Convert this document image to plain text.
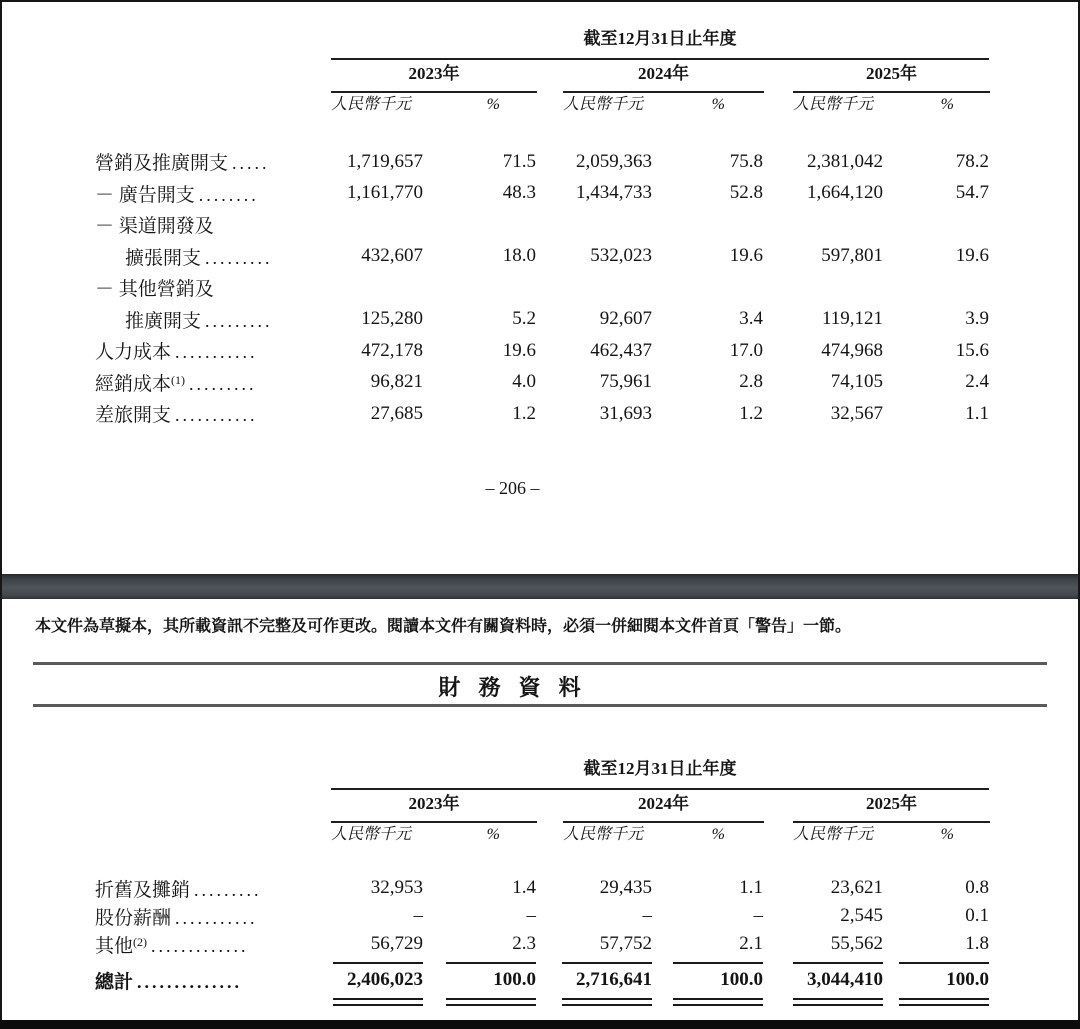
截至12月31日止年度
2023年	2024年	2025年
人民幣千元	人民幣千元	人民幣千元
%	%	%
營銷及推廣開支 .....	1,719,657	71.5	2,059,363	75.8	2,381,042	78.2
－ 廣告開支 ........	1,161,770	48.3	1,434,733	52.8	1,664,120	54.7
－ 渠道開發及
擴張開支 .........	432,607	18.0	532,023	19.6	597,801	19.6
－ 其他營銷及
推廣開支 .........	125,280	5.2	92,607	3.4	119,121	3.9
人力成本 ...........	472,178	19.6	462,437	17.0	474,968	15.6
經銷成本$^{(1)}$ .........	96,821	4.0	75,961	2.8	74,105	2.4
差旅開支 ...........	27,685	1.2	31,693	1.2	32,567	1.1
– 206 –
本文件為草擬本，其所載資訊不完整及可作更改。閱讀本文件有關資料時，必須一併細閱本文件首頁「警告」一節。
財 務 資 料
截至12月31日止年度
2023年	2024年	2025年
人民幣千元	人民幣千元	人民幣千元
%	%	%
折舊及攤銷 .........	32,953	1.4	29,435	1.1	23,621	0.8
股份薪酬 ...........	–	–	–	–	2,545	0.1
其他$^{(2)}$ .............	56,729	2.3	57,752	2.1	55,562	1.8
總計 ..............	2,406,023	100.0	2,716,641	100.0	3,044,410	100.0
